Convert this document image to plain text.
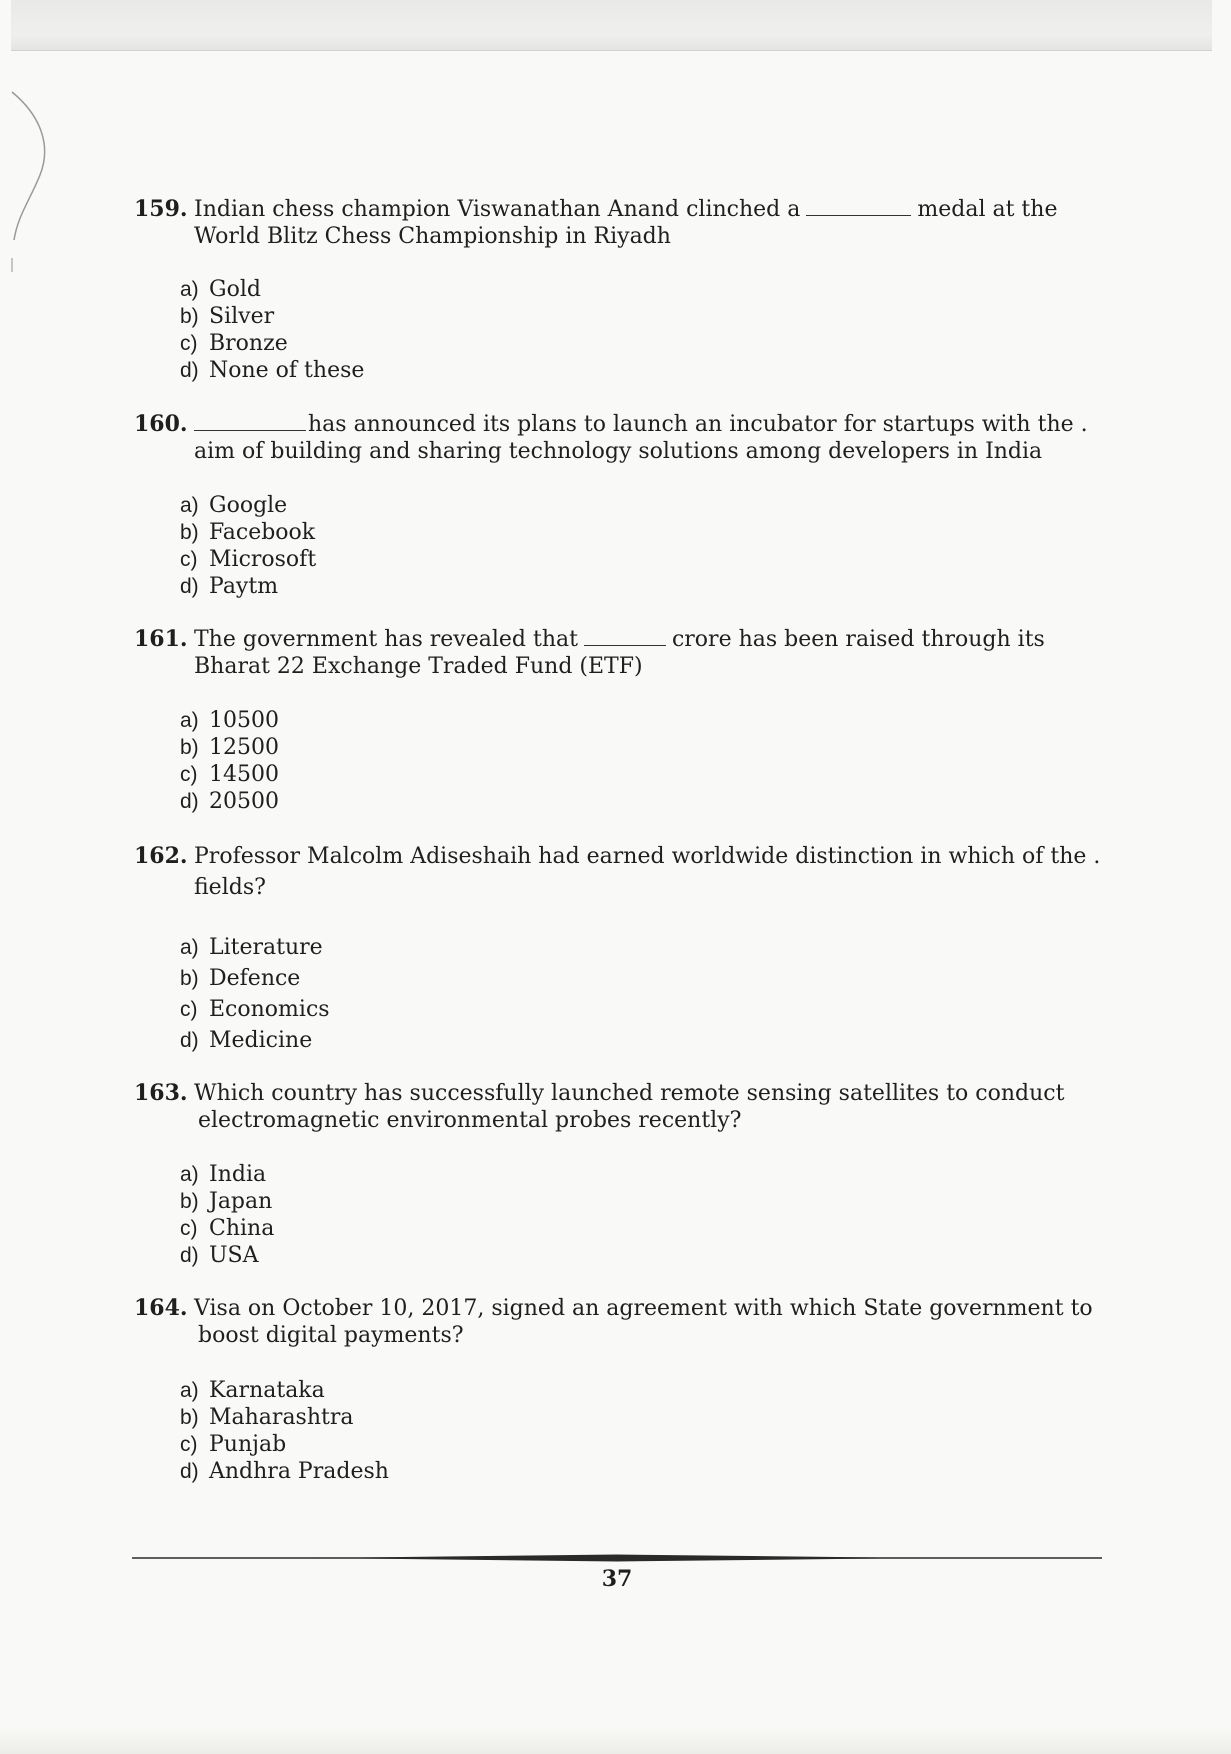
159. Indian chess champion Viswanathan Anand clinched a	medal at the
World Blitz Chess Championship in Riyadh
a) Gold
b) Silver
c) Bronze
d) None of these
160.	has announced its plans to launch an incubator for startups with the .
aim of building and sharing technology solutions among developers in India
a) Google
b) Facebook
c) Microsoft
d) Paytm
161. The government has revealed that	crore has been raised through its
Bharat 22 Exchange Traded Fund (ETF)
a) 10500
b) 12500
c) 14500
d) 20500
162. Professor Malcolm Adiseshaih had earned worldwide distinction in which of the .
fields?
a) Literature
b) Defence
c) Economics
d) Medicine
163. Which country has successfully launched remote sensing satellites to conduct
electromagnetic environmental probes recently?
a) India
b) Japan
c) China
d) USA
164. Visa on October 10, 2017, signed an agreement with which State government to
boost digital payments?
a) Karnataka
b) Maharashtra
c) Punjab
d) Andhra Pradesh
37
